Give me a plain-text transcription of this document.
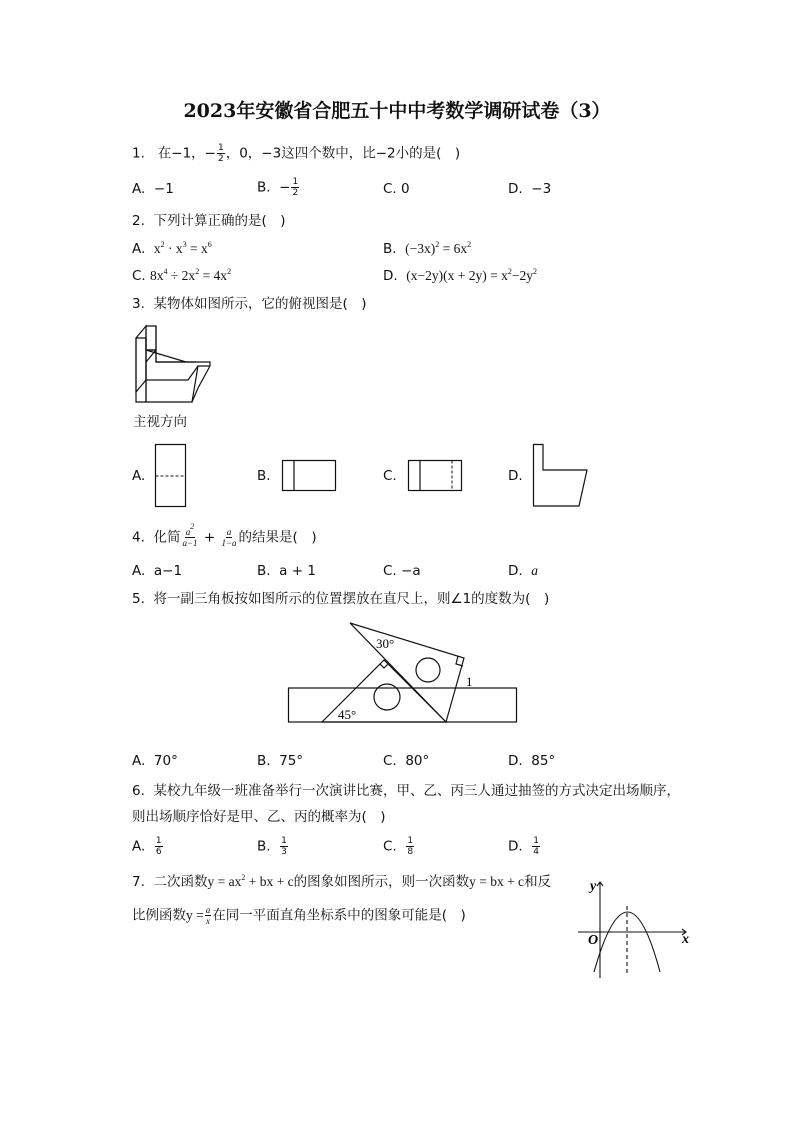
2023年安徽省合肥五十中中考数学调研试卷（3）
1. 在−1，− $\frac{1}{2}$ ，0，−3这四个数中，比−2小的是(　)
A. −1	B.  − $\frac{1}{2}$	C. 0	D. −3
2. 下列计算正确的是(　)
A. $x^2 \cdot x^3 = x^6$	B. $(-3x)^2 = 6x^2$
C. $8x^4 \div 2x^2 = 4x^2$	D. $(x-2y)(x + 2y) = x^2-2y^2$
3. 某物体如图所示，它的俯视图是(　)
主视方向
A.	B.	C.	D.
4. 化简 $\frac{a^2}{a-1} + \frac{a}{1-a}$ 的结果是(　)
A. a−1	B. a + 1	C. −a	D. a
5. 将一副三角板按如图所示的位置摆放在直尺上，则∠1的度数为(　)
30°
45°
1
A. 70°	B. 75°	C. 80°	D. 85°
6. 某校九年级一班准备举行一次演讲比赛，甲、乙、丙三人通过抽签的方式决定出场顺序，
则出场顺序恰好是甲、乙、丙的概率为(　)
A. $\frac{1}{6}$	B. $\frac{1}{3}$	C. $\frac{1}{8}$	D. $\frac{1}{4}$
7. 二次函数$y = ax^2$ + bx + c的图象如图所示，则一次函数y = bx + c和反
比例函数$y = \frac{a}{x}$ 在同一平面直角坐标系中的图象可能是(　)
y
x
O
